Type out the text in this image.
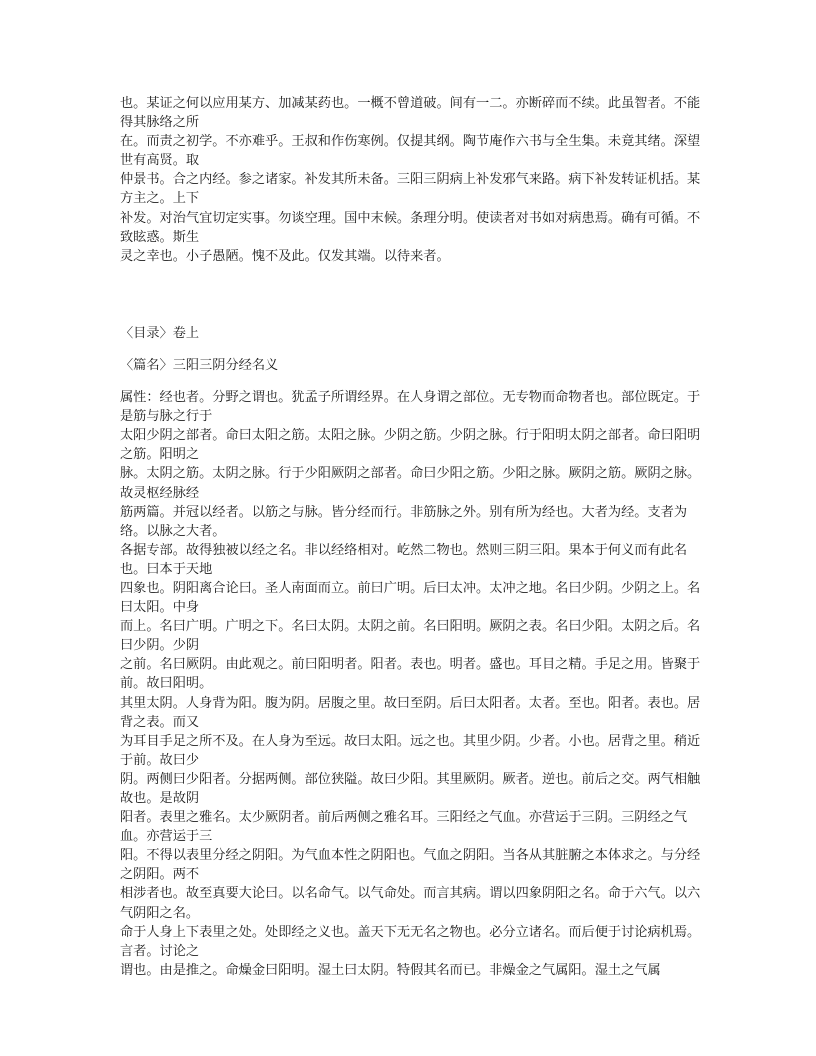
也。某证之何以应用某方、加减某药也。一概不曾道破。间有一二。亦断碎而不续。此虽智者。不能得其脉络之所

在。而责之初学。不亦难乎。王叔和作伤寒例。仅提其纲。陶节庵作六书与全生集。未竟其绪。深望世有高贤。取

仲景书。合之内经。参之诸家。补发其所未备。三阳三阴病上补发邪气来路。病下补发转证机括。某方主之。上下

补发。对治气宜切定实事。勿谈空理。国中末候。条理分明。使读者对书如对病患焉。确有可循。不致眩惑。斯生

灵之幸也。小子愚陋。愧不及此。仅发其端。以待来者。

〈目录〉卷上

〈篇名〉三阳三阴分经名义

属性：经也者。分野之谓也。犹孟子所谓经界。在人身谓之部位。无专物而命物者也。部位既定。于是筋与脉之行于

太阳少阴之部者。命曰太阳之筋。太阳之脉。少阴之筋。少阴之脉。行于阳明太阴之部者。命曰阳明之筋。阳明之

脉。太阴之筋。太阴之脉。行于少阳厥阴之部者。命曰少阳之筋。少阳之脉。厥阴之筋。厥阴之脉。故灵枢经脉经

筋两篇。并冠以经者。以筋之与脉。皆分经而行。非筋脉之外。别有所为经也。大者为经。支者为络。以脉之大者。

各据专部。故得独被以经之名。非以经络相对。屹然二物也。然则三阴三阳。果本于何义而有此名也。曰本于天地

四象也。阴阳离合论曰。圣人南面而立。前曰广明。后曰太冲。太冲之地。名曰少阴。少阴之上。名曰太阳。中身

而上。名曰广明。广明之下。名曰太阴。太阴之前。名曰阳明。厥阴之表。名曰少阳。太阴之后。名曰少阴。少阴

之前。名曰厥阴。由此观之。前曰阳明者。阳者。表也。明者。盛也。耳目之精。手足之用。皆聚于前。故曰阳明。

其里太阴。人身背为阳。腹为阴。居腹之里。故曰至阴。后曰太阳者。太者。至也。阳者。表也。居背之表。而又

为耳目手足之所不及。在人身为至远。故曰太阳。远之也。其里少阴。少者。小也。居背之里。稍近于前。故曰少

阴。两侧曰少阳者。分据两侧。部位狭隘。故曰少阳。其里厥阴。厥者。逆也。前后之交。两气相触故也。是故阴

阳者。表里之雅名。太少厥阴者。前后两侧之雅名耳。三阳经之气血。亦营运于三阴。三阴经之气血。亦营运于三

阳。不得以表里分经之阴阳。为气血本性之阴阳也。气血之阴阳。当各从其脏腑之本体求之。与分经之阴阳。两不

相涉者也。故至真要大论曰。以名命气。以气命处。而言其病。谓以四象阴阳之名。命于六气。以六气阴阳之名。

命于人身上下表里之处。处即经之义也。盖天下无无名之物也。必分立诸名。而后便于讨论病机焉。言者。讨论之

谓也。由是推之。命燥金曰阳明。湿土曰太阴。特假其名而已。非燥金之气属阳。湿土之气属
